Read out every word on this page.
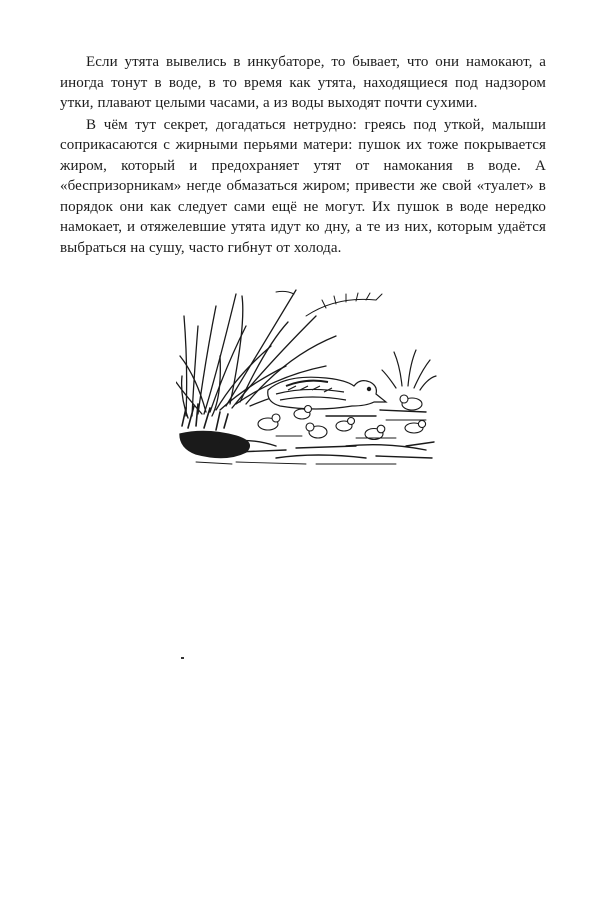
Если утята вывелись в инкубаторе, то бывает, что они намокают, а иногда тонут в воде, в то время как утята, находящиеся под надзором утки, плавают целыми часами, а из воды выходят почти сухими.

В чём тут секрет, догадаться нетрудно: греясь под уткой, малыши соприкасаются с жирными перьями матери: пушок их тоже покрывается жиром, который и предохраняет утят от намокания в воде. А «беспризорникам» негде обмазаться жиром; привести же свой «туалет» в порядок они как следует сами ещё не могут. Их пушок в воде нередко намокает, и отяжелевшие утята идут ко дну, а те из них, которым удаётся выбраться на сушу, часто гибнут от холода.
